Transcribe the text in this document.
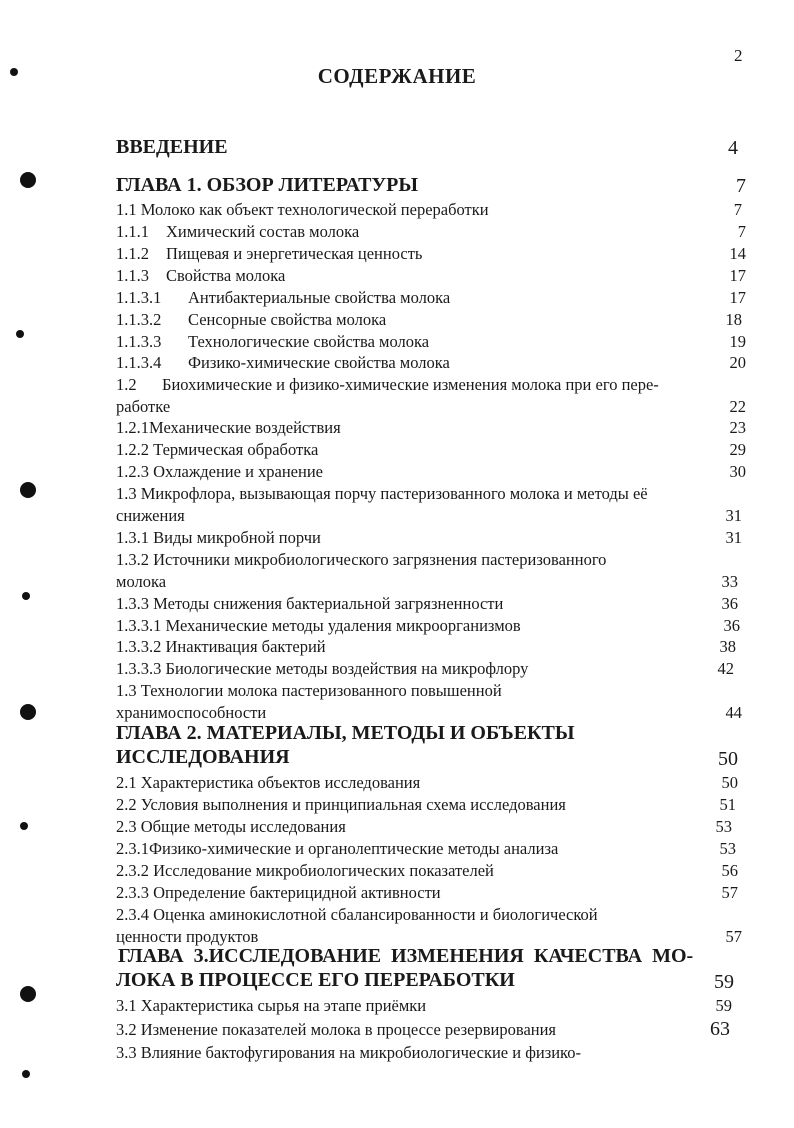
2
СОДЕРЖАНИЕ
ВВЕДЕНИЕ	4
ГЛАВА 1. ОБЗОР ЛИТЕРАТУРЫ	7
1.1 Молоко как объект технологической переработки	7
1.1.1 Химический состав молока	7
1.1.2 Пищевая и энергетическая ценность	14
1.1.3 Свойства молока	17
1.1.3.1 Антибактериальные свойства молока	17
1.1.3.2 Сенсорные свойства молока	18
1.1.3.3 Технологические свойства молока	19
1.1.3.4 Физико-химические свойства молока	20
1.2 Биохимические и физико-химические изменения молока при его пере-
работке	22
1.2.1Механические воздействия	23
1.2.2 Термическая обработка	29
1.2.3 Охлаждение и хранение	30
1.3 Микрофлора, вызывающая порчу пастеризованного молока и методы её
снижения	31
1.3.1 Виды микробной порчи	31
1.3.2 Источники микробиологического загрязнения пастеризованного
молока	33
1.3.3 Методы снижения бактериальной загрязненности	36
1.3.3.1 Механические методы удаления микроорганизмов	36
1.3.3.2 Инактивация бактерий	38
1.3.3.3 Биологические методы воздействия на микрофлору	42
1.3 Технологии молока пастеризованного повышенной
хранимоспособности	44
ГЛАВА 2. МАТЕРИАЛЫ, МЕТОДЫ И ОБЪЕКТЫ
ИССЛЕДОВАНИЯ	50
2.1 Характеристика объектов исследования	50
2.2 Условия выполнения и принципиальная схема исследования	51
2.3 Общие методы исследования	53
2.3.1Физико-химические и органолептические методы анализа	53
2.3.2 Исследование микробиологических показателей	56
2.3.3 Определение бактерицидной активности	57
2.3.4 Оценка аминокислотной сбалансированности и биологической
ценности продуктов	57
ГЛАВА 3.ИССЛЕДОВАНИЕ ИЗМЕНЕНИЯ КАЧЕСТВА МО-
ЛОКА В ПРОЦЕССЕ ЕГО ПЕРЕРАБОТКИ	59
3.1 Характеристика сырья на этапе приёмки	59
3.2 Изменение показателей молока в процессе резервирования	63
3.3 Влияние бактофугирования на микробиологические и физико-
